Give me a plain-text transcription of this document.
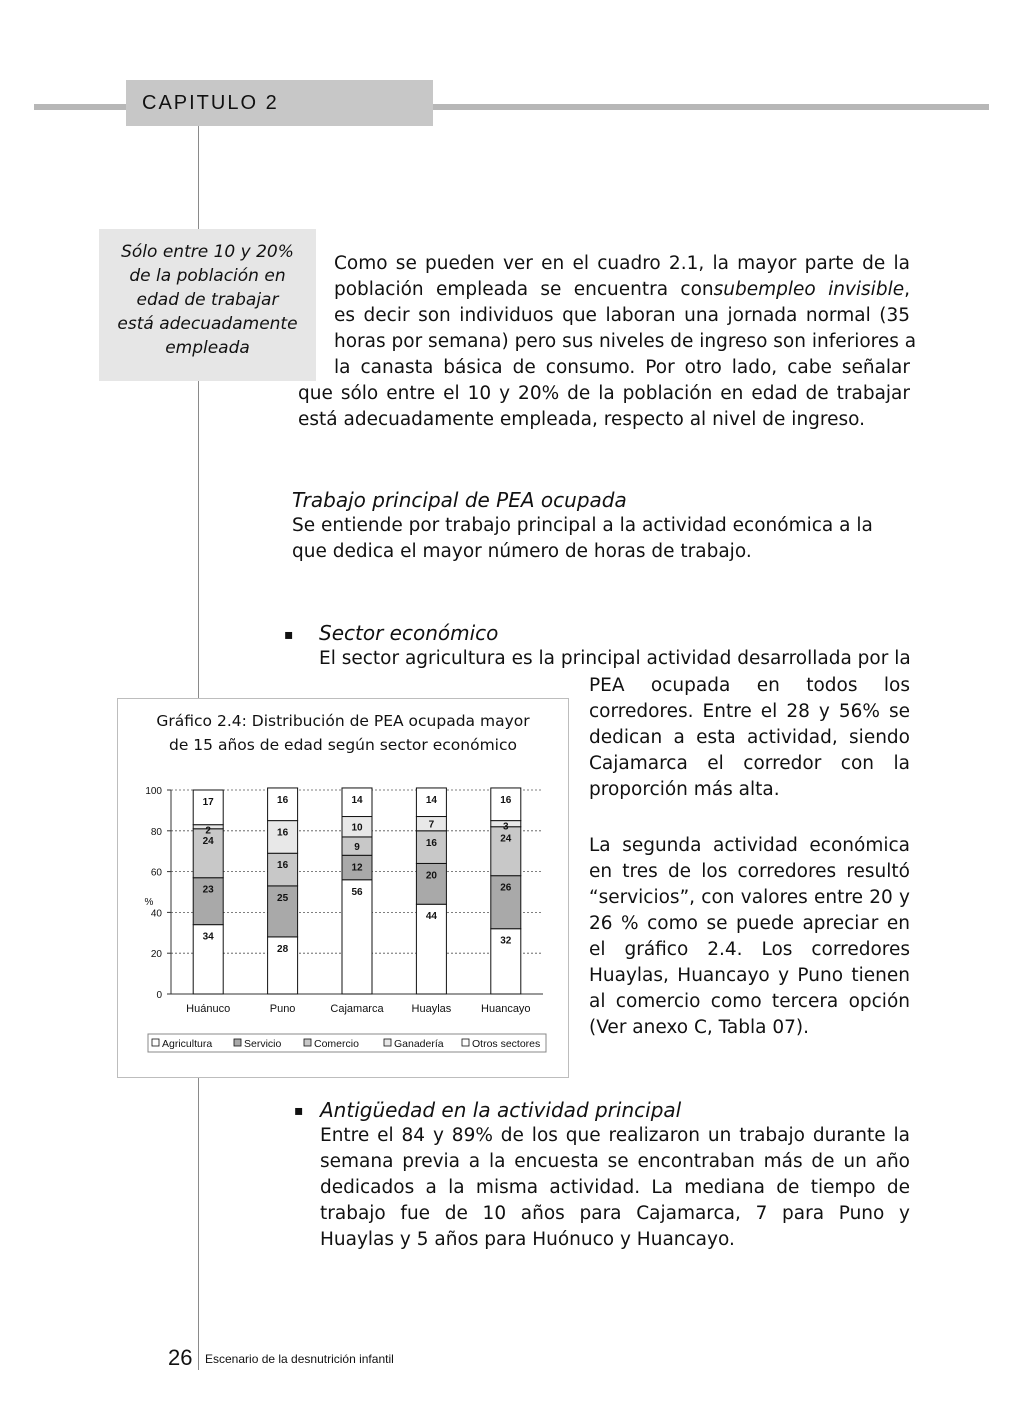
CAPITULO 2
Sólo entre 10 y 20%
de la población en
edad de trabajar
está adecuadamente
empleada
Como se pueden ver en el cuadro 2.1, la mayor parte de la
población empleada se encuentra consubempleo invisible,
es decir son individuos que laboran una jornada normal (35
horas por semana) pero sus niveles de ingreso son inferiores a
la canasta básica de consumo. Por otro lado, cabe señalar
que sólo entre el 10 y 20% de la población en edad de trabajar
está adecuadamente empleada, respecto al nivel de ingreso.
Trabajo principal de PEA ocupada
Se entiende por trabajo principal a la actividad económica a la
que dedica el mayor número de horas de trabajo.
▪ Sector económico
El sector agricultura es la principal actividad desarrollada por la
PEA ocupada en todos los
corredores. Entre el 28 y 56% se
dedican a esta actividad, siendo
Cajamarca el corredor con la
proporción más alta.
La segunda actividad económica
en tres de los corredores resultó
“servicios”, con valores entre 20 y
26 % como se puede apreciar en
el gráfico 2.4. Los corredores
Huaylas, Huancayo y Puno tienen
al comercio como tercera opción
(Ver anexo C, Tabla 07).
Gráfico 2.4: Distribución de PEA ocupada mayor
de 15 años de edad según sector económico
0
20
40
60
80
100
%
34
23
24
2
17
Huánuco
28
25
16
16
16
Puno
56
12
9
10
14
Cajamarca
44
20
16
7
14
Huaylas
32
26
24
3
16
Huancayo
Agricultura	Servicio	Comercio	Ganadería	Otros sectores
▪ Antigüedad en la actividad principal
Entre el 84 y 89% de los que realizaron un trabajo durante la
semana previa a la encuesta se encontraban más de un año
dedicados a la misma actividad. La mediana de tiempo de
trabajo fue de 10 años para Cajamarca, 7 para Puno y
Huaylas y 5 años para Huónuco y Huancayo.
26 Escenario de la desnutrición infantil
